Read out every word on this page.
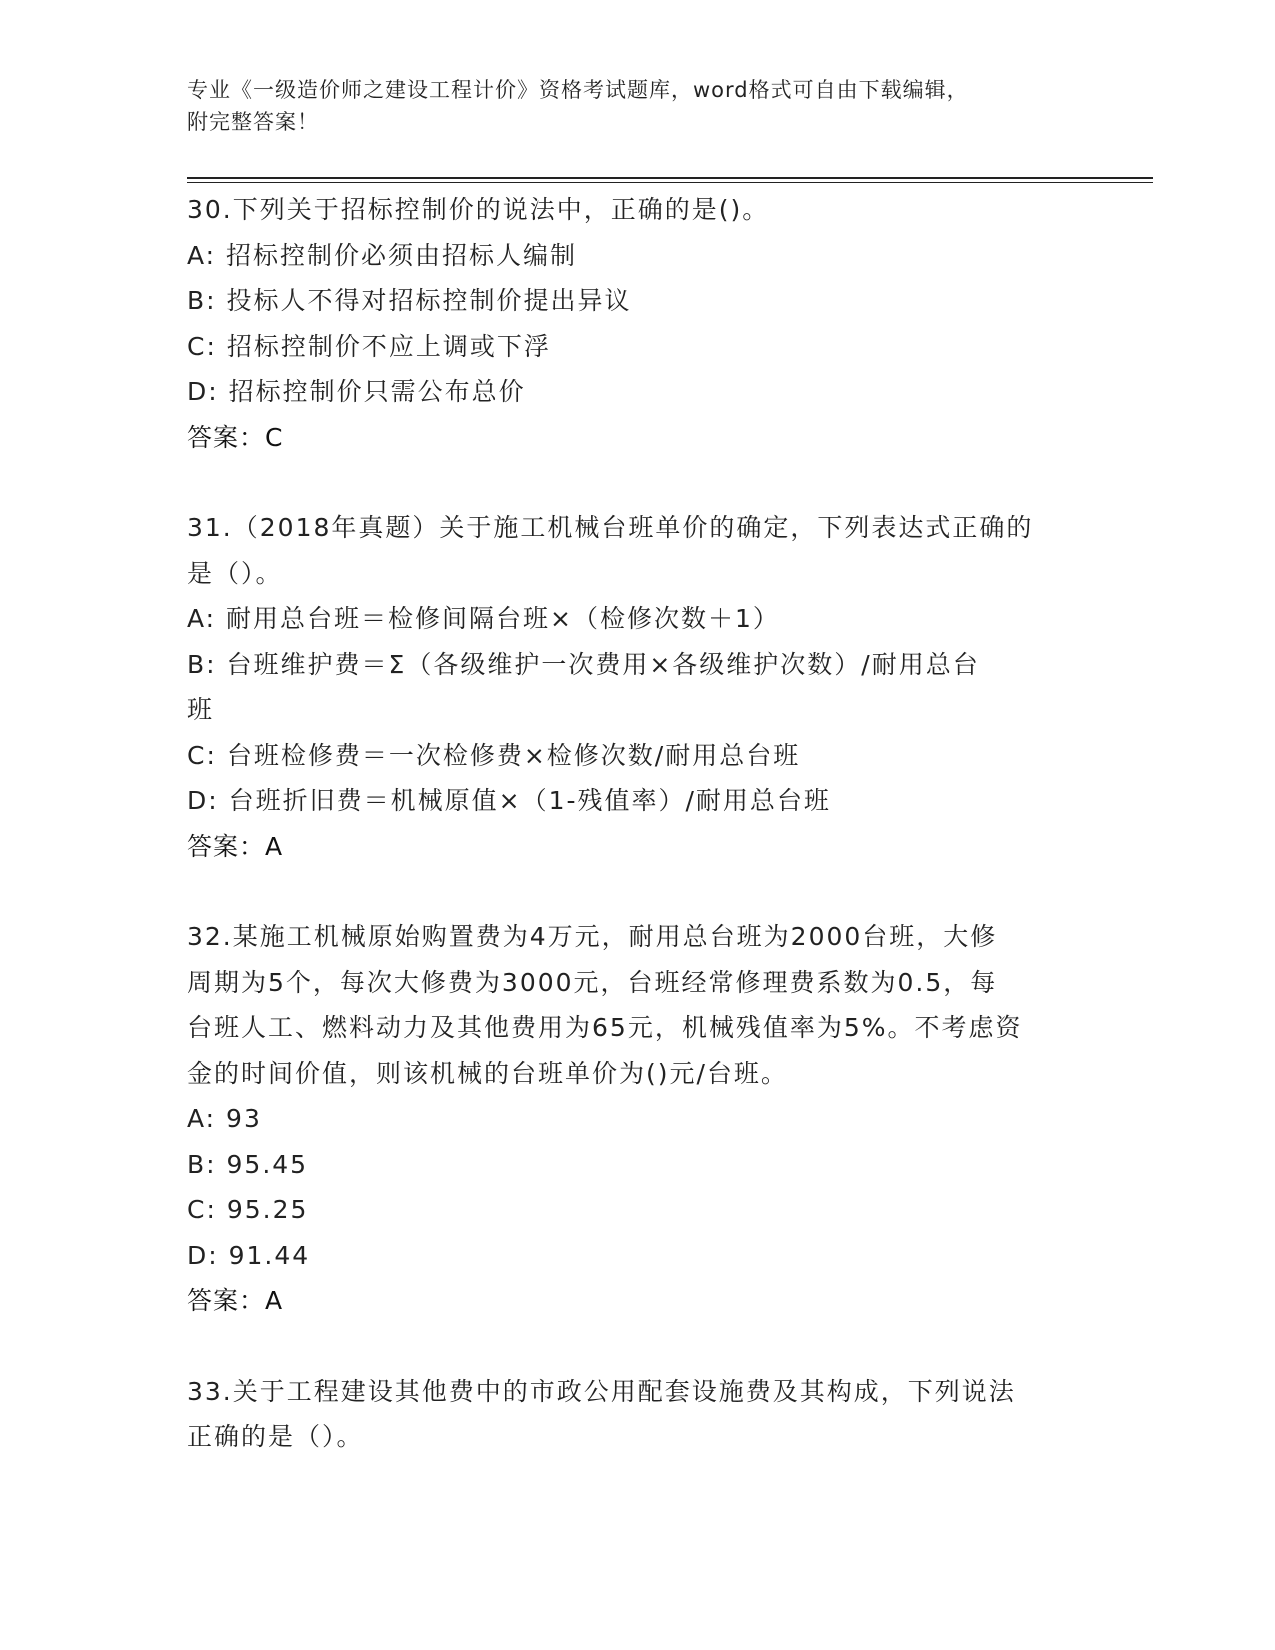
专业《一级造价师之建设工程计价》资格考试题库，word格式可自由下载编辑，
附完整答案！
30.下列关于招标控制价的说法中，正确的是()。
A: 招标控制价必须由招标人编制
B: 投标人不得对招标控制价提出异议
C: 招标控制价不应上调或下浮
D: 招标控制价只需公布总价
答案：C
31.（2018年真题）关于施工机械台班单价的确定，下列表达式正确的
是（）。
A: 耐用总台班＝检修间隔台班×（检修次数＋1）
B: 台班维护费＝Σ（各级维护一次费用×各级维护次数）/耐用总台
班
C: 台班检修费＝一次检修费×检修次数/耐用总台班
D: 台班折旧费＝机械原值×（1-残值率）/耐用总台班
答案：A
32.某施工机械原始购置费为4万元，耐用总台班为2000台班，大修
周期为5个，每次大修费为3000元，台班经常修理费系数为0.5，每
台班人工、燃料动力及其他费用为65元，机械残值率为5%。不考虑资
金的时间价值，则该机械的台班单价为()元/台班。
A: 93
B: 95.45
C: 95.25
D: 91.44
答案：A
33.关于工程建设其他费中的市政公用配套设施费及其构成，下列说法
正确的是（）。
